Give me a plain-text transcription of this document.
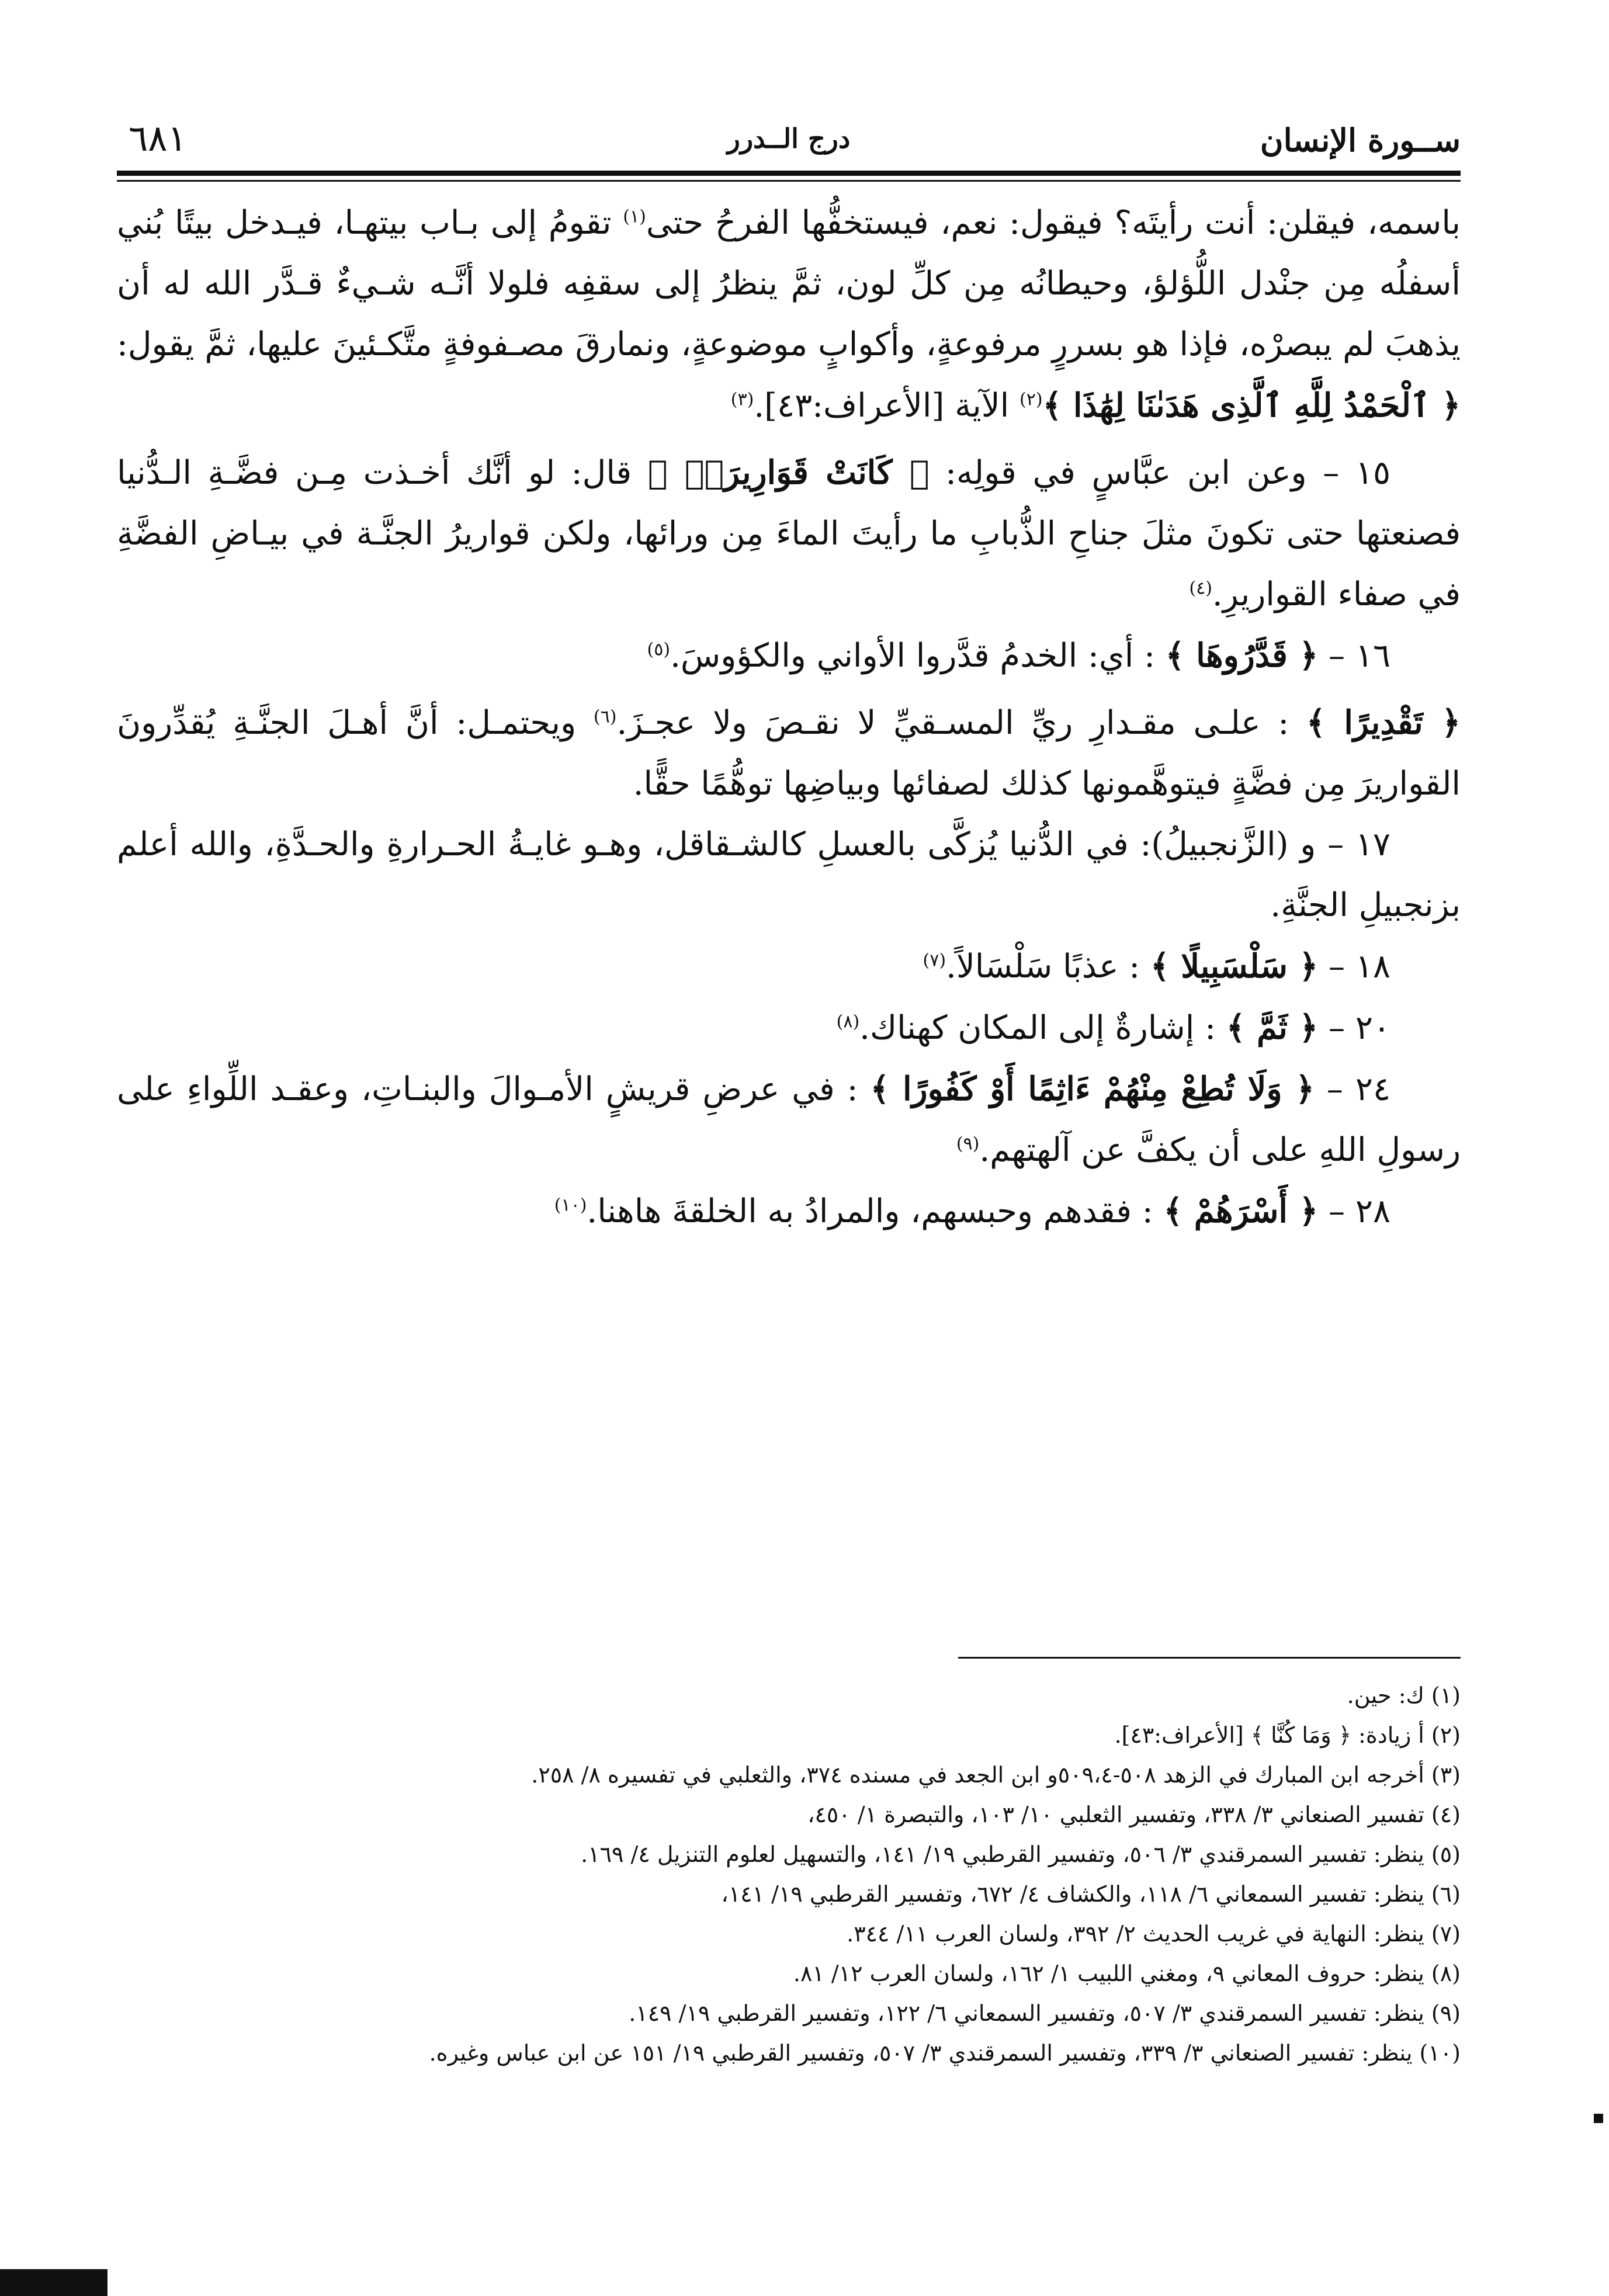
٦٨١	درج الــدرر	ســورة الإنسان

باسمه، فيقلن: أنت رأيتَه؟ فيقول: نعم، فيستخفُّها الفرحُ حتى$^{(١)}$ تقومُ إلى بـاب بيتهـا، فيـدخل بيتًا بُني أسفلُه مِن جنْدل اللُّؤلؤ، وحيطانُه مِن كلِّ لون، ثمَّ ينظرُ إلى سقفِه فلولا أنَّـه شـيءٌ قـدَّر الله له أن يذهبَ لم يبصرْه، فإذا هو بسررٍ مرفوعةٍ، وأكوابٍ موضوعةٍ، ونمارقَ مصـفوفةٍ متَّكـئينَ عليها، ثمَّ يقول: ﴿ ٱلْحَمْدُ لِلَّهِ ٱلَّذِى هَدَىٰنَا لِهَٰذَا ﴾$^{(٢)}$ الآية [الأعراف:٤٣].$^{(٣)}$

١٥ – وعن ابن عبَّاسٍ في قولِه: ﴿ كَانَتْ قَوَارِيرَا۠ ﴾ قال: لو أنَّك أخـذت مِـن فضَّـةِ الـدُّنيا فصنعتها حتى تكونَ مثلَ جناحِ الذُّبابِ ما رأيتَ الماءَ مِن ورائها، ولكن قواريرُ الجنَّـة في بيـاضِ الفضَّةِ في صفاء القواريرِ.$^{(٤)}$

١٦ – ﴿ قَدَّرُوهَا ﴾ : أي: الخدمُ قدَّروا الأواني والكؤوسَ.$^{(٥)}$

﴿ تَقْدِيرًا ﴾ : علـى مقـدارِ ريِّ المسـقيِّ لا نقـصَ ولا عجـزَ.$^{(٦)}$ ويحتمـل: أنَّ أهـلَ الجنَّـةِ يُقدِّرونَ القواريرَ مِن فضَّةٍ فيتوهَّمونها كذلك لصفائها وبياضِها توهُّمًا حقًّا.

١٧ – و (الزَّنجبيلُ): في الدُّنيا يُزكَّى بالعسلِ كالشـقاقل، وهـو غايـةُ الحـرارةِ والحـدَّةِ، والله أعلم بزنجبيلِ الجنَّةِ.

١٨ – ﴿ سَلْسَبِيلًا ﴾ : عذبًا سَلْسَالاً.$^{(٧)}$

٢٠ – ﴿ ثَمَّ ﴾ : إشارةٌ إلى المكان كهناك.$^{(٨)}$

٢٤ – ﴿ وَلَا تُطِعْ مِنْهُمْ ءَاثِمًا أَوْ كَفُورًا ﴾ : في عرضِ قريشٍ الأمـوالَ والبنـاتِ، وعقـد اللِّواءِ على رسولِ اللهِ على أن يكفَّ عن آلهتهم.$^{(٩)}$

٢٨ – ﴿ أَسْرَهُمْ ﴾ : فقدهم وحبسهم، والمرادُ به الخلقةَ هاهنا.$^{(١٠)}$

(١) ك: حين.
(٢) أ زيادة: ﴿ وَمَا كُنَّا ﴾ [الأعراف:٤٣].
(٣) أخرجه ابن المبارك في الزهد ٥٠٨-٥٠٩،٤و ابن الجعد في مسنده ٣٧٤، والثعلبي في تفسيره ٨/ ٢٥٨.
(٤) تفسير الصنعاني ٣/ ٣٣٨، وتفسير الثعلبي ١٠/ ١٠٣، والتبصرة ١/ ٤٥٠،
(٥) ينظر: تفسير السمرقندي ٣/ ٥٠٦، وتفسير القرطبي ١٩/ ١٤١، والتسهيل لعلوم التنزيل ٤/ ١٦٩.
(٦) ينظر: تفسير السمعاني ٦/ ١١٨، والكشاف ٤/ ٦٧٢، وتفسير القرطبي ١٩/ ١٤١،
(٧) ينظر: النهاية في غريب الحديث ٢/ ٣٩٢، ولسان العرب ١١/ ٣٤٤.
(٨) ينظر: حروف المعاني ٩، ومغني اللبيب ١/ ١٦٢، ولسان العرب ١٢/ ٨١.
(٩) ينظر: تفسير السمرقندي ٣/ ٥٠٧، وتفسير السمعاني ٦/ ١٢٢، وتفسير القرطبي ١٩/ ١٤٩.
(١٠) ينظر: تفسير الصنعاني ٣/ ٣٣٩، وتفسير السمرقندي ٣/ ٥٠٧، وتفسير القرطبي ١٩/ ١٥١ عن ابن عباس وغيره.
